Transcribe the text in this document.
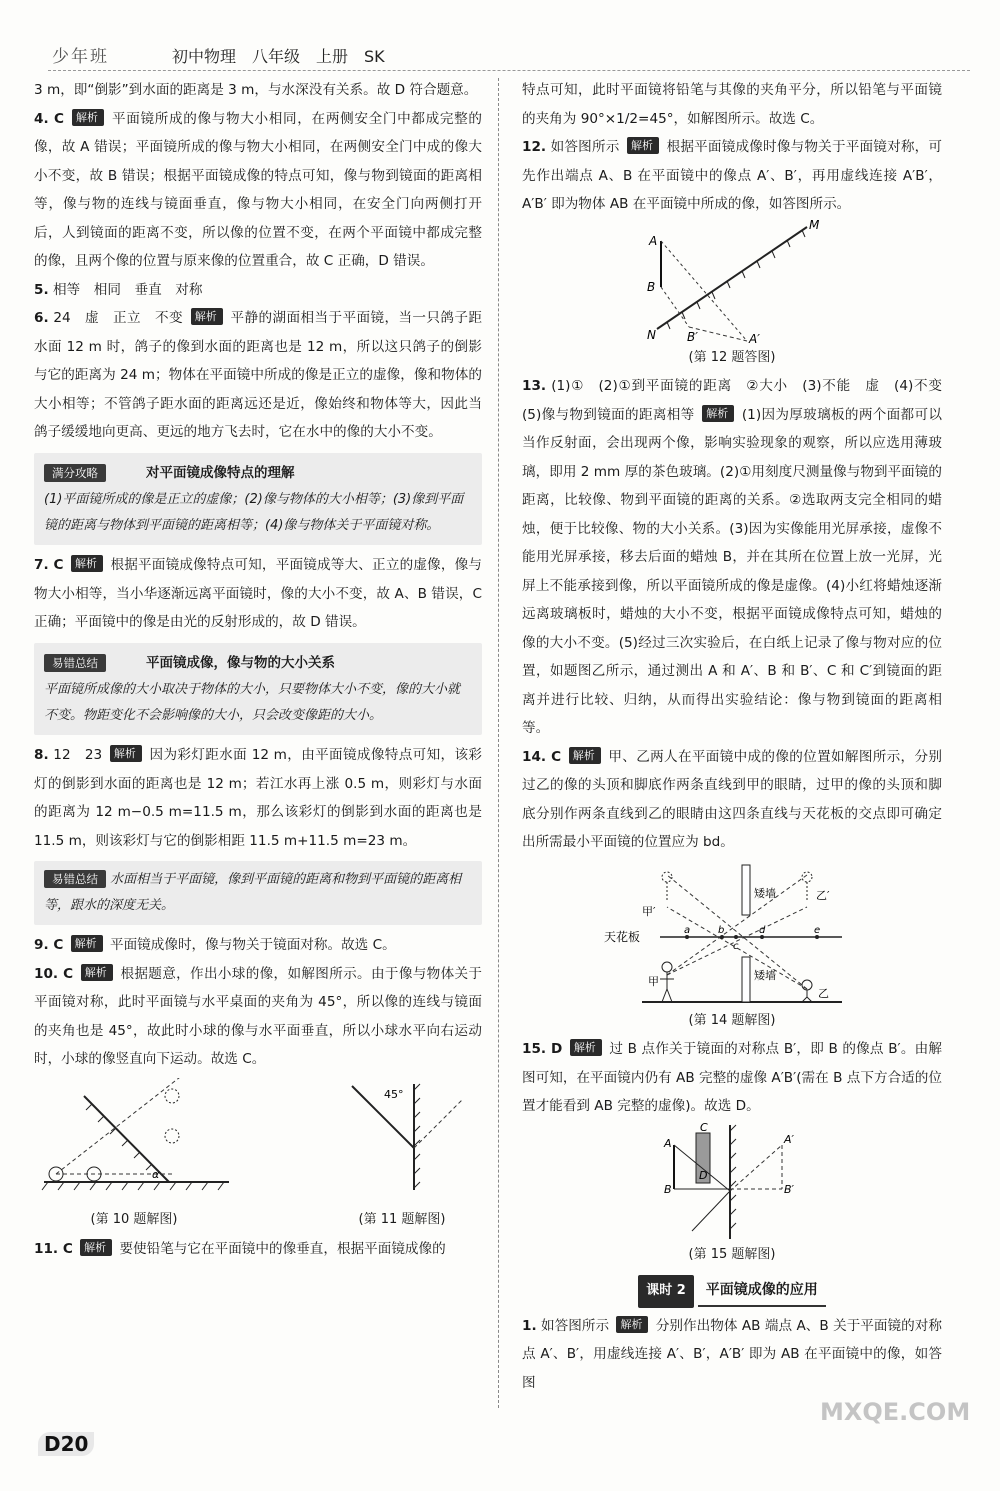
少年班	初中物理　八年级　上册　SK

3 m，即“倒影”到水面的距离是 3 m，与水深没有关系。故 D 符合题意。

4. C 解析 平面镜所成的像与物大小相同，在两侧安全门中都成完整的像，故 A 错误；平面镜所成的像与物大小相同，在两侧安全门中成的像大小不变，故 B 错误；根据平面镜成像的特点可知，像与物到镜面的距离相等，像与物的连线与镜面垂直，像与物大小相同，在安全门向两侧打开后，人到镜面的距离不变，所以像的位置不变，在两个平面镜中都成完整的像，且两个像的位置与原来像的位置重合，故 C 正确，D 错误。

5. 相等　相同　垂直　对称

6. 24　虚　正立　不变 解析 平静的湖面相当于平面镜，当一只鸽子距水面 12 m 时，鸽子的像到水面的距离也是 12 m，所以这只鸽子的倒影与它的距离为 24 m；物体在平面镜中所成的像是正立的虚像，像和物体的大小相等；不管鸽子距水面的距离远还是近，像始终和物体等大，因此当鸽子缓缓地向更高、更远的地方飞去时，它在水中的像的大小不变。

满分攻略	对平面镜成像特点的理解
(1)平面镜所成的像是正立的虚像；(2)像与物体的大小相等；(3)像到平面镜的距离与物体到平面镜的距离相等；(4)像与物体关于平面镜对称。

7. C 解析 根据平面镜成像特点可知，平面镜成等大、正立的虚像，像与物大小相等，当小华逐渐远离平面镜时，像的大小不变，故 A、B 错误，C 正确；平面镜中的像是由光的反射形成的，故 D 错误。

易错总结	平面镜成像，像与物的大小关系
平面镜所成像的大小取决于物体的大小，只要物体大小不变，像的大小就不变。物距变化不会影响像的大小，只会改变像距的大小。

8. 12　23 解析 因为彩灯距水面 12 m，由平面镜成像特点可知，该彩灯的倒影到水面的距离也是 12 m；若江水再上涨 0.5 m，则彩灯与水面的距离为 12 m−0.5 m=11.5 m，那么该彩灯的倒影到水面的距离也是 11.5 m，则该彩灯与它的倒影相距 11.5 m+11.5 m=23 m。

易错总结 水面相当于平面镜，像到平面镜的距离和物到平面镜的距离相等，跟水的深度无关。

9. C 解析 平面镜成像时，像与物关于镜面对称。故选 C。

10. C 解析 根据题意，作出小球的像，如解图所示。由于像与物体关于平面镜对称，此时平面镜与水平桌面的夹角为 45°，所以像的连线与镜面的夹角也是 45°，故此时小球的像与水平面垂直，所以小球水平向右运动时，小球的像竖直向下运动。故选 C。

α
(第 10 题解图)
45°
(第 11 题解图)

11. C 解析 要使铅笔与它在平面镜中的像垂直，根据平面镜成像的

特点可知，此时平面镜将铅笔与其像的夹角平分，所以铅笔与平面镜的夹角为 90°×1/2=45°，如解图所示。故选 C。

12. 如答图所示 解析 根据平面镜成像时像与物关于平面镜对称，可先作出端点 A、B 在平面镜中的像点 A′、B′，再用虚线连接 A′B′，A′B′ 即为物体 AB 在平面镜中所成的像，如答图所示。

A
B
M
N	B′	A′
(第 12 题答图)

13. (1)①　(2)①到平面镜的距离　②大小　(3)不能　虚　(4)不变　(5)像与物到镜面的距离相等 解析 (1)因为厚玻璃板的两个面都可以当作反射面，会出现两个像，影响实验现象的观察，所以应选用薄玻璃，即用 2 mm 厚的茶色玻璃。(2)①用刻度尺测量像与物到平面镜的距离，比较像、物到平面镜的距离的关系。②选取两支完全相同的蜡烛，便于比较像、物的大小关系。(3)因为实像能用光屏承接，虚像不能用光屏承接，移去后面的蜡烛 B，并在其所在位置上放一光屏，光屏上不能承接到像，所以平面镜所成的像是虚像。(4)小红将蜡烛逐渐远离玻璃板时，蜡烛的大小不变，根据平面镜成像特点可知，蜡烛的像的大小不变。(5)经过三次实验后，在白纸上记录了像与物对应的位置，如题图乙所示，通过测出 A 和 A′、B 和 B′、C 和 C′到镜面的距离并进行比较、归纳，从而得出实验结论：像与物到镜面的距离相等。

14. C 解析 甲、乙两人在平面镜中成的像的位置如解图所示，分别过乙的像的头顶和脚底作两条直线到甲的眼睛，过甲的像的头顶和脚底分别作两条直线到乙的眼睛由这四条直线与天花板的交点即可确定出所需最小平面镜的位置应为 bd。

天花板
矮墙
矮墙
甲′
乙′
甲
乙
a	b
c
d	e
(第 14 题解图)

15. D 解析 过 B 点作关于镜面的对称点 B′，即 B 的像点 B′。由解图可知，在平面镜内仍有 AB 完整的虚像 A′B′(需在 B 点下方合适的位置才能看到 AB 完整的虚像)。故选 D。

A
B
C
D
A′
B′
(第 15 题解图)
课时 2	平面镜成像的应用

1. 如答图所示 解析 分别作出物体 AB 端点 A、B 关于平面镜的对称点 A′、B′，用虚线连接 A′、B′，A′B′ 即为 AB 在平面镜中的像，如答图

D20
MXQE.COM
